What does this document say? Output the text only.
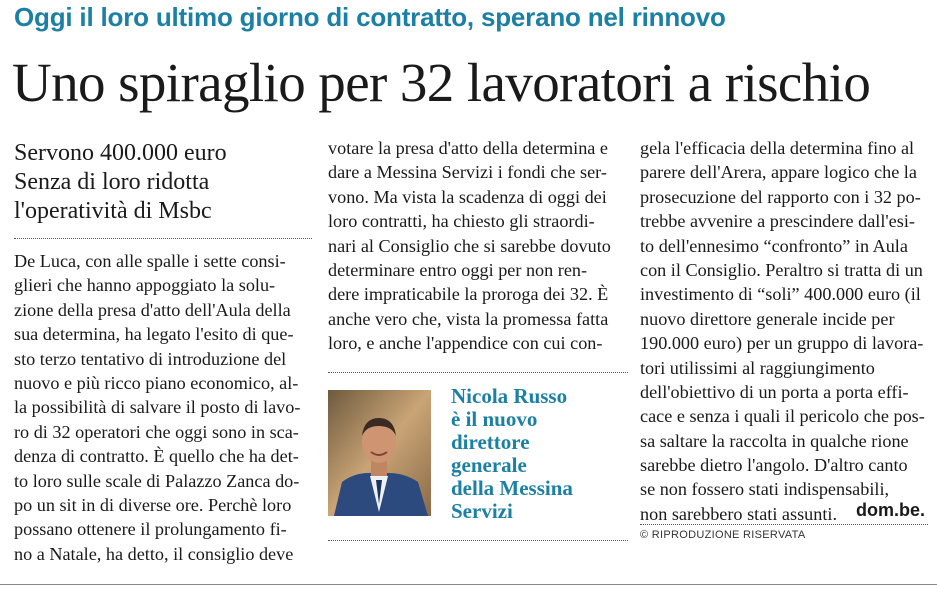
Oggi il loro ultimo giorno di contratto, sperano nel rinnovo
Uno spiraglio per 32 lavoratori a rischio
Servono 400.000 euro
Senza di loro ridotta
l'operatività di Msbc
De Luca, con alle spalle i sette consi-
glieri che hanno appoggiato la solu-
zione della presa d'atto dell'Aula della
sua determina, ha legato l'esito di que-
sto terzo tentativo di introduzione del
nuovo e più ricco piano economico, al-
la possibilità di salvare il posto di lavo-
ro di 32 operatori che oggi sono in sca-
denza di contratto. È quello che ha det-
to loro sulle scale di Palazzo Zanca do-
po un sit in di diverse ore. Perchè loro
possano ottenere il prolungamento fi-
no a Natale, ha detto, il consiglio deve
votare la presa d'atto della determina e
dare a Messina Servizi i fondi che ser-
vono. Ma vista la scadenza di oggi dei
loro contratti, ha chiesto gli straordi-
nari al Consiglio che si sarebbe dovuto
determinare entro oggi per non ren-
dere impraticabile la proroga dei 32. È
anche vero che, vista la promessa fatta
loro, e anche l'appendice con cui con-
Nicola Russo
è il nuovo
direttore
generale
della Messina
Servizi
gela l'efficacia della determina fino al
parere dell'Arera, appare logico che la
prosecuzione del rapporto con i 32 po-
trebbe avvenire a prescindere dall'esi-
to dell'ennesimo “confronto” in Aula
con il Consiglio. Peraltro si tratta di un
investimento di “soli” 400.000 euro (il
nuovo direttore generale incide per
190.000 euro) per un gruppo di lavora-
tori utilissimi al raggiungimento
dell'obiettivo di un porta a porta effi-
cace e senza i quali il pericolo che pos-
sa saltare la raccolta in qualche rione
sarebbe dietro l'angolo. D'altro canto
se non fossero stati indispensabili,
non sarebbero stati assunti.	dom.be.
© RIPRODUZIONE RISERVATA
